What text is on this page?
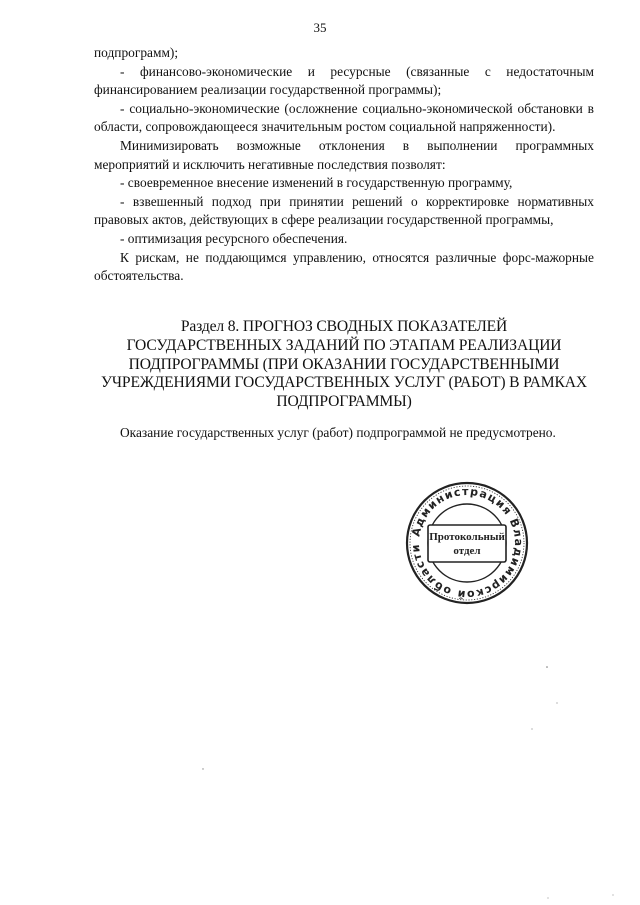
35

подпрограмм);

- финансово-экономические и ресурсные (связанные с недостаточным финансированием реализации государственной программы);

- социально-экономические (осложнение социально-экономической обстановки в области, сопровождающееся значительным ростом социальной напряженности).

Минимизировать возможные отклонения в выполнении программных мероприятий и исключить негативные последствия позволят:

- своевременное внесение изменений в государственную программу,

- взвешенный подход при принятии решений о корректировке нормативных правовых актов, действующих в сфере реализации государственной программы,

- оптимизация ресурсного обеспечения.

К рискам, не поддающимся управлению, относятся различные форс-мажорные обстоятельства.

Раздел 8. ПРОГНОЗ СВОДНЫХ ПОКАЗАТЕЛЕЙ
ГОСУДАРСТВЕННЫХ ЗАДАНИЙ ПО ЭТАПАМ РЕАЛИЗАЦИИ
ПОДПРОГРАММЫ (ПРИ ОКАЗАНИИ ГОСУДАРСТВЕННЫМИ
УЧРЕЖДЕНИЯМИ ГОСУДАРСТВЕННЫХ УСЛУГ (РАБОТ) В РАМКАХ
ПОДПРОГРАММЫ)

Оказание государственных услуг (работ) подпрограммой не предусмотрено.

Администрация Владимирской области
Протокольный
отдел
